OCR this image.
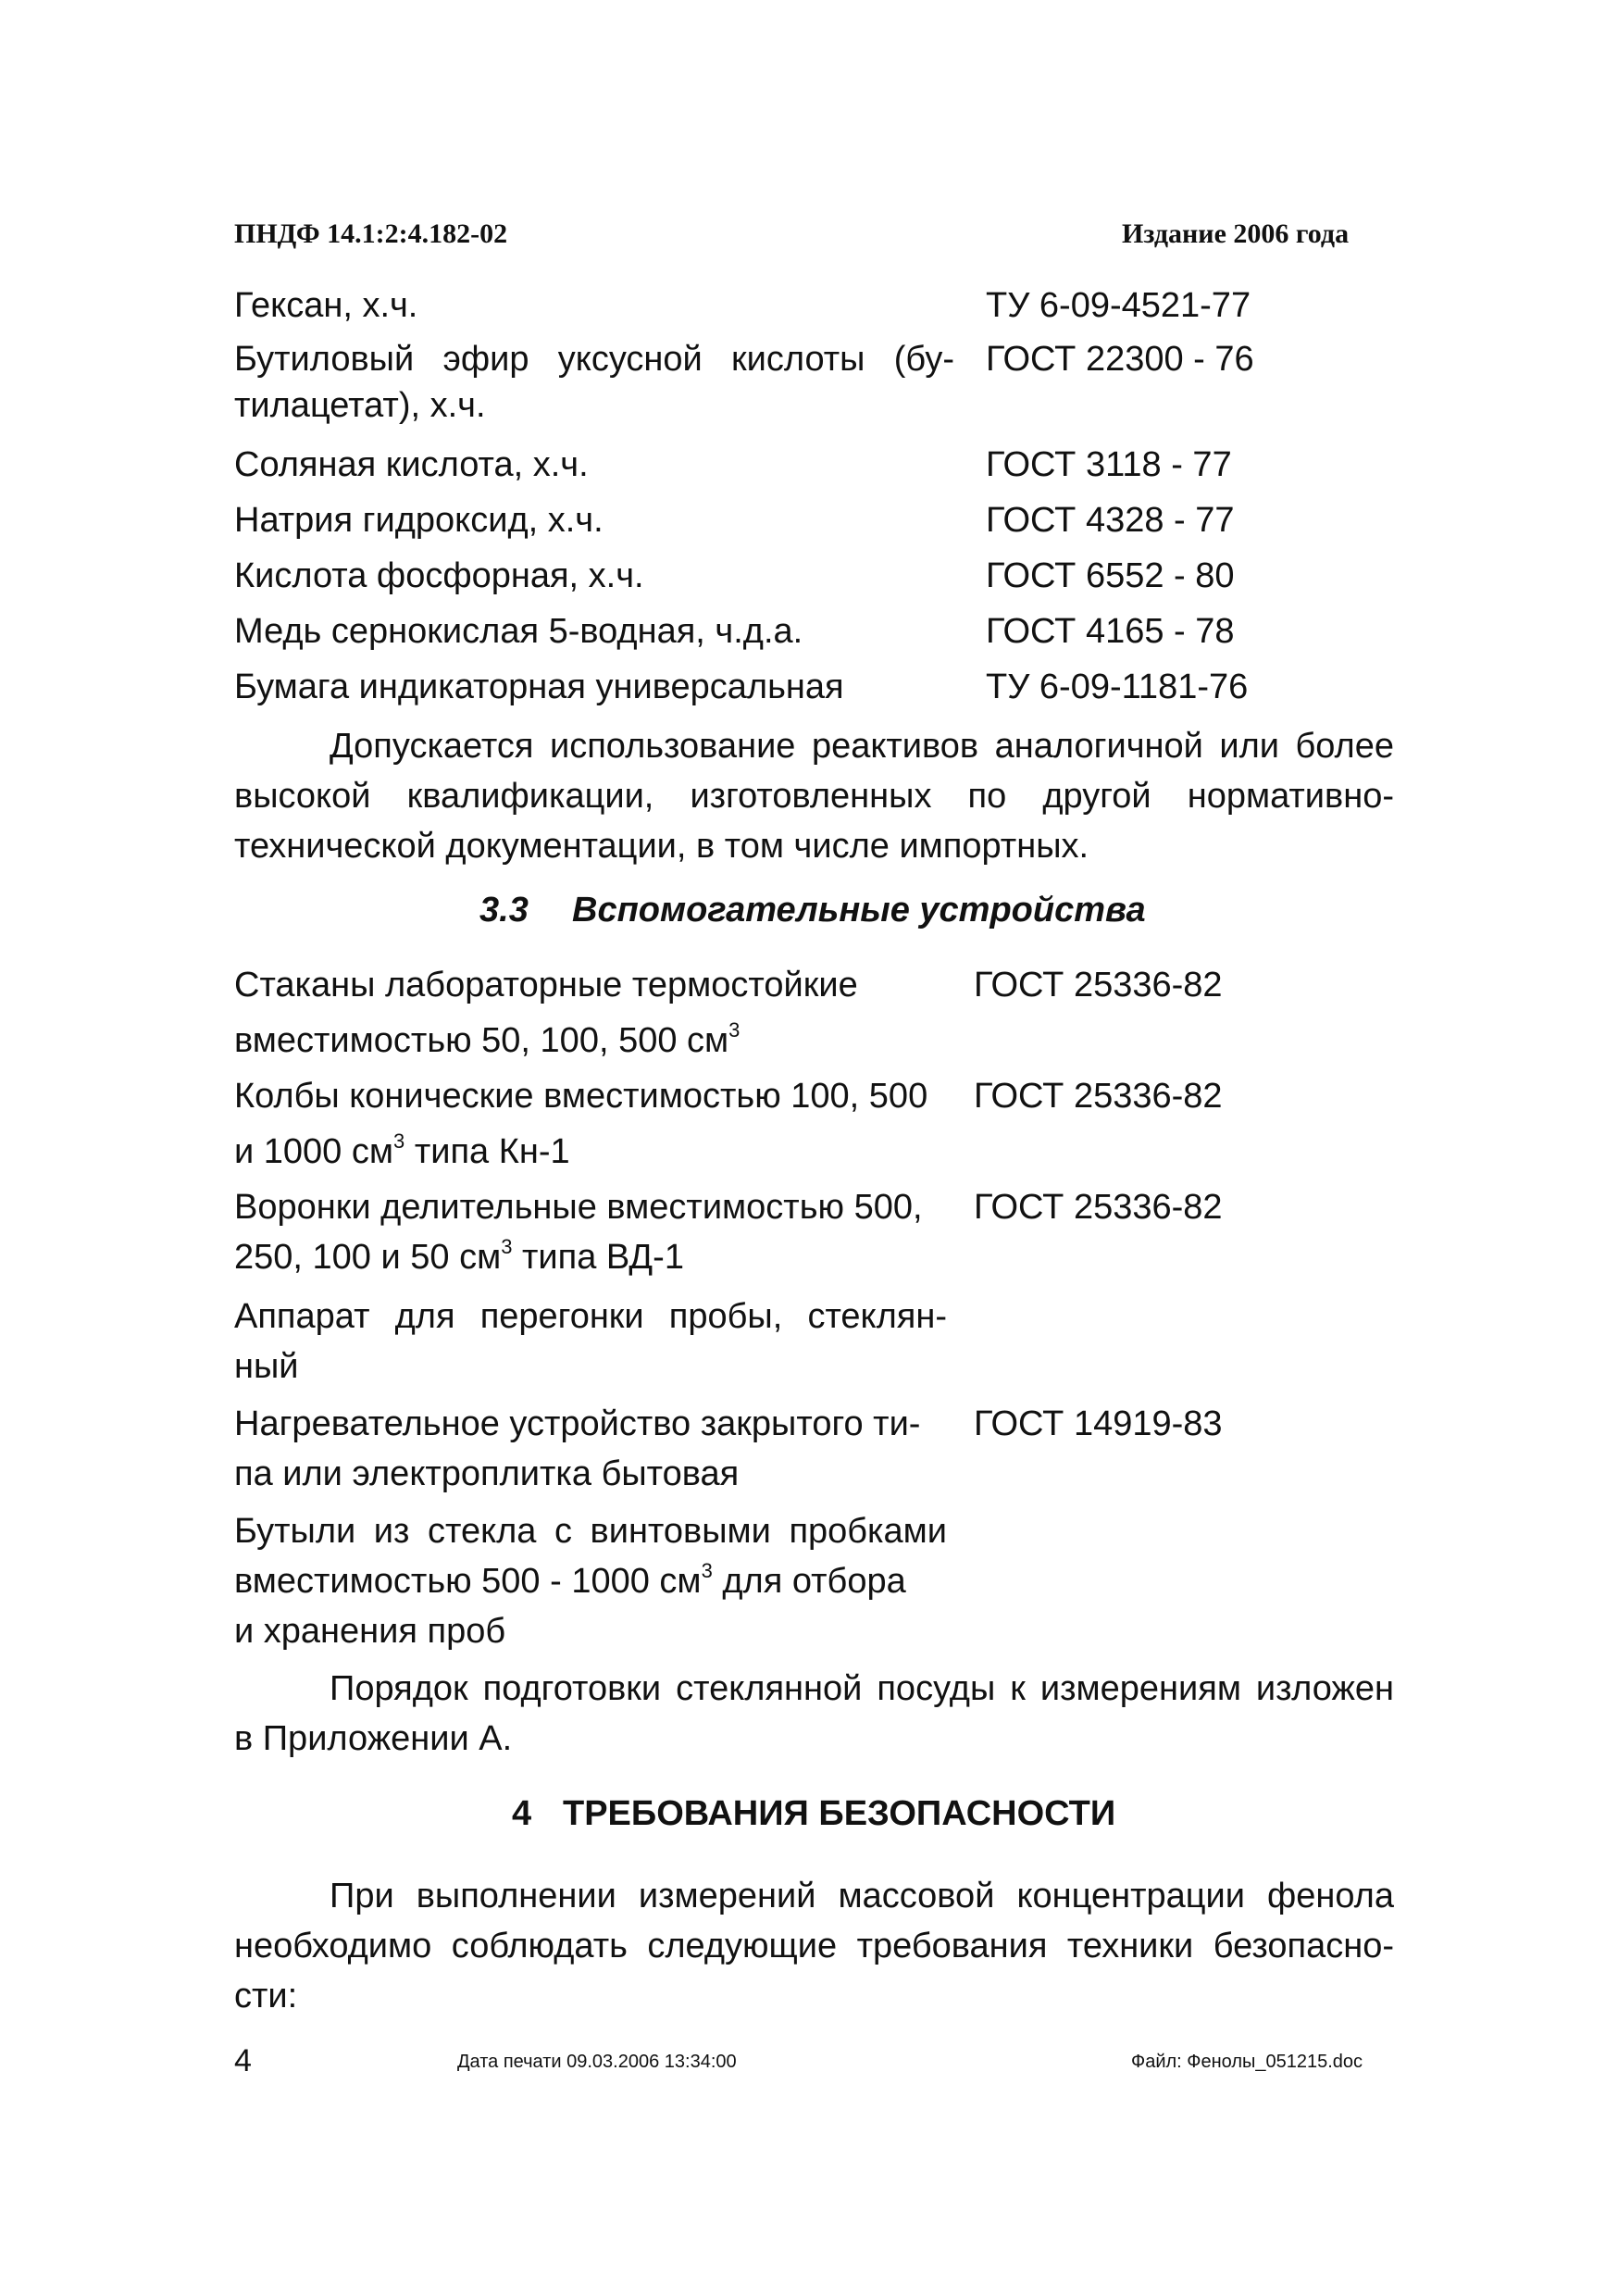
ПНДФ 14.1:2:4.182-02	Издание 2006 года
Гексан, х.ч.	ТУ 6-09-4521-77
Бутиловый эфир уксусной кислоты (бу- ГОСТ 22300 - 76
тилацетат), х.ч.
Соляная кислота, х.ч.	ГОСТ 3118 - 77
Натрия гидроксид, х.ч.	ГОСТ 4328 - 77
Кислота фосфорная, х.ч.	ГОСТ 6552 - 80
Медь сернокислая 5-водная, ч.д.а.	ГОСТ 4165 - 78
Бумага индикаторная универсальная	ТУ 6-09-1181-76
Допускается использование реактивов аналогичной или более
высокой квалификации, изготовленных по другой нормативно-
технической документации, в том числе импортных.
3.3 Вспомогательные устройства
Стаканы лабораторные термостойкие	ГОСТ 25336-82
вместимостью 50, 100, 500 $см^3$
Колбы конические вместимостью 100, 500 ГОСТ 25336-82
и 1000 $см^3$ типа Кн-1
Воронки делительные вместимостью 500, ГОСТ 25336-82
250, 100 и 50 $см^3$ типа ВД-1
Аппарат для перегонки пробы, стеклян-
ный
Нагревательное устройство закрытого ти- ГОСТ 14919-83
па или электроплитка бытовая
Бутыли из стекла с винтовыми пробками
вместимостью 500 - 1000 $см^3$ для отбора
и хранения проб
Порядок подготовки стеклянной посуды к измерениям изложен
в Приложении А.
4 ТРЕБОВАНИЯ БЕЗОПАСНОСТИ
При выполнении измерений массовой концентрации фенола
необходимо соблюдать следующие требования техники безопасно-
сти:
4	Дата печати 09.03.2006 13:34:00	Файл: Фенолы_051215.doc
